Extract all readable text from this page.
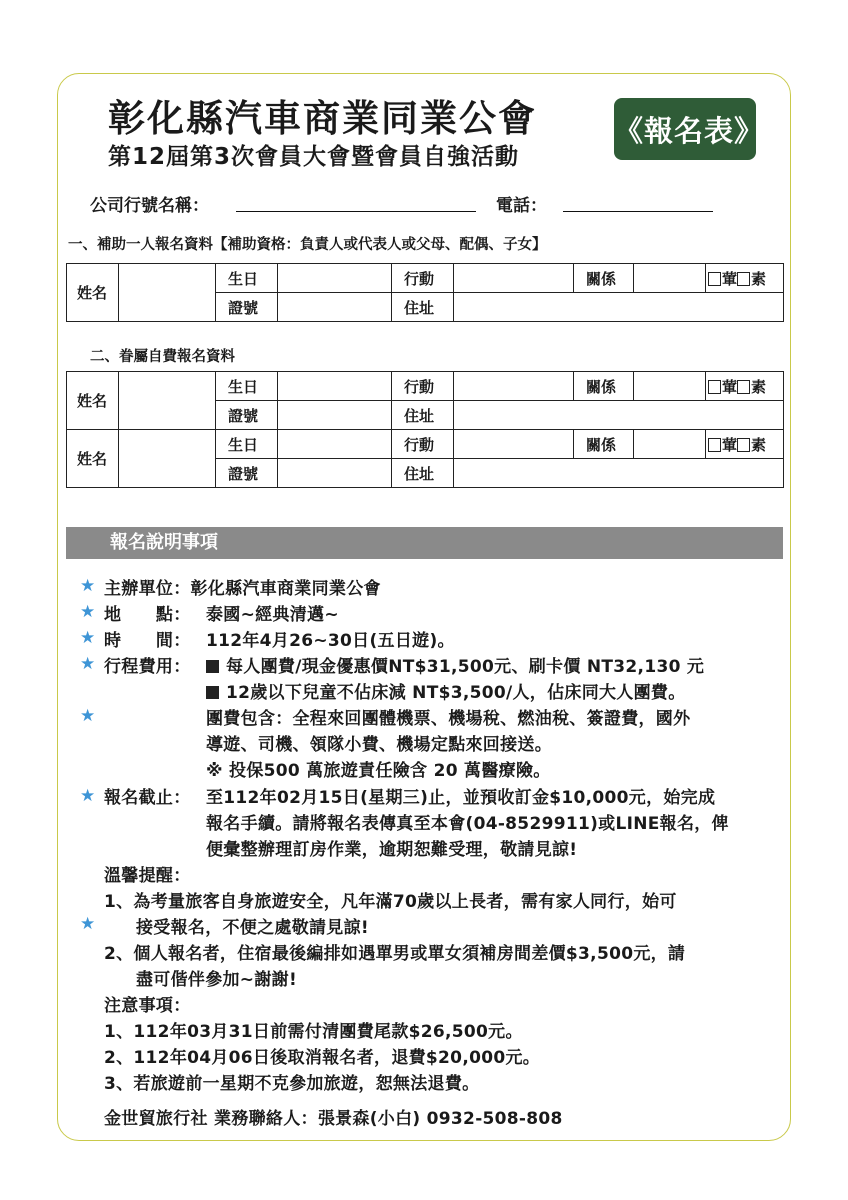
彰化縣汽車商業同業公會
第12屆第3次會員大會暨會員自強活動
《報名表》
公司行號名稱：	電話：
一、補助一人報名資料【補助資格：負責人或代表人或父母、配偶、子女】
姓名		生日		行動		關係		葷 素
		證號		住址				
二、眷屬自費報名資料
姓名		生日		行動		關係		葷 素
		證號		住址				
姓名		生日		行動		關係		葷 素
		證號		住址				
報名說明事項
★
★
★
★
★
★
★
主辦單位：彰化縣汽車商業同業公會
地　　點： 泰國~經典清邁~
時　　間： 112年4月26~30日(五日遊)。
行程費用：	每人團費/現金優惠價NT$31,500元、刷卡價 NT32,130 元
12歲以下兒童不佔床減 NT$3,500/人，佔床同大人團費。
團費包含：全程來回團體機票、機場稅、燃油稅、簽證費，國外
導遊、司機、領隊小費、機場定點來回接送。
※ 投保500 萬旅遊責任險含 20 萬醫療險。
報名截止： 至112年02月15日(星期三)止，並預收訂金$10,000元，始完成
報名手續。請將報名表傳真至本會(04-8529911)或LINE報名，俾
便彙整辦理訂房作業，逾期恕難受理，敬請見諒!
溫馨提醒：
1、為考量旅客自身旅遊安全，凡年滿70歲以上長者，需有家人同行，始可
接受報名，不便之處敬請見諒!
2、個人報名者，住宿最後編排如遇單男或單女須補房間差價$3,500元，請
盡可偕伴參加~謝謝!
注意事項：
1、112年03月31日前需付清團費尾款$26,500元。
2、112年04月06日後取消報名者，退費$20,000元。
3、若旅遊前一星期不克參加旅遊，恕無法退費。
金世貿旅行社 業務聯絡人：張景森(小白) 0932-508-808
